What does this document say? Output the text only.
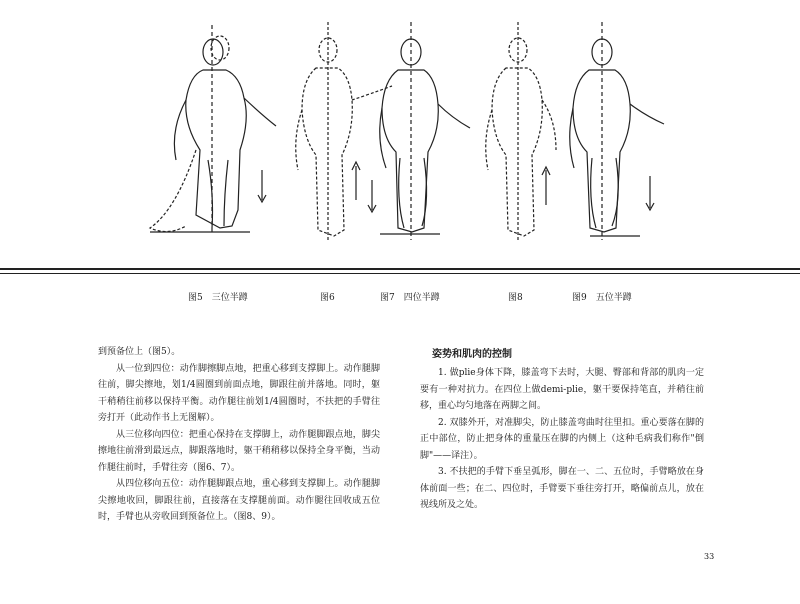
图5　三位半蹲	图6	图7　四位半蹲	图8	图9　五位半蹲

到预备位上（图5）。

从一位到四位：动作脚擦脚点地，把重心移到支撑脚上。动作腿脚往前，脚尖擦地，划1/4圆圈到前面点地，脚跟往前并落地。同时，躯干稍稍往前移以保持平衡。动作腿往前划1/4圆圈时，不扶把的手臂往旁打开（此动作书上无图解）。

从三位移向四位：把重心保持在支撑脚上，动作腿脚跟点地，脚尖擦地往前滑到最远点，脚跟落地时，躯干稍稍移以保持全身平衡，当动作腿往前时，手臂往旁（图6、7）。

从四位移向五位：动作腿脚跟点地，重心移到支撑脚上。动作腿脚尖擦地收回，脚跟往前，直接落在支撑腿前面。动作腿往回收成五位时，手臂也从旁收回到预备位上。（图8、9）。

姿势和肌肉的控制

1. 做plie身体下降，膝盖弯下去时，大腿、臀部和背部的肌肉一定要有一种对抗力。在四位上做demi-plie，躯干要保持笔直，并稍往前移，重心均匀地落在两脚之间。

2. 双膝外开，对准脚尖，防止膝盖弯曲时往里扣。重心要落在脚的正中部位，防止把身体的重量压在脚的内侧上（这种毛病我们称作"倒脚"——译注）。

3. 不扶把的手臂下垂呈弧形，脚在一、二、五位时，手臂略放在身体前面一些；在二、四位时，手臂要下垂往旁打开，略偏前点儿，放在视线所及之处。

33
